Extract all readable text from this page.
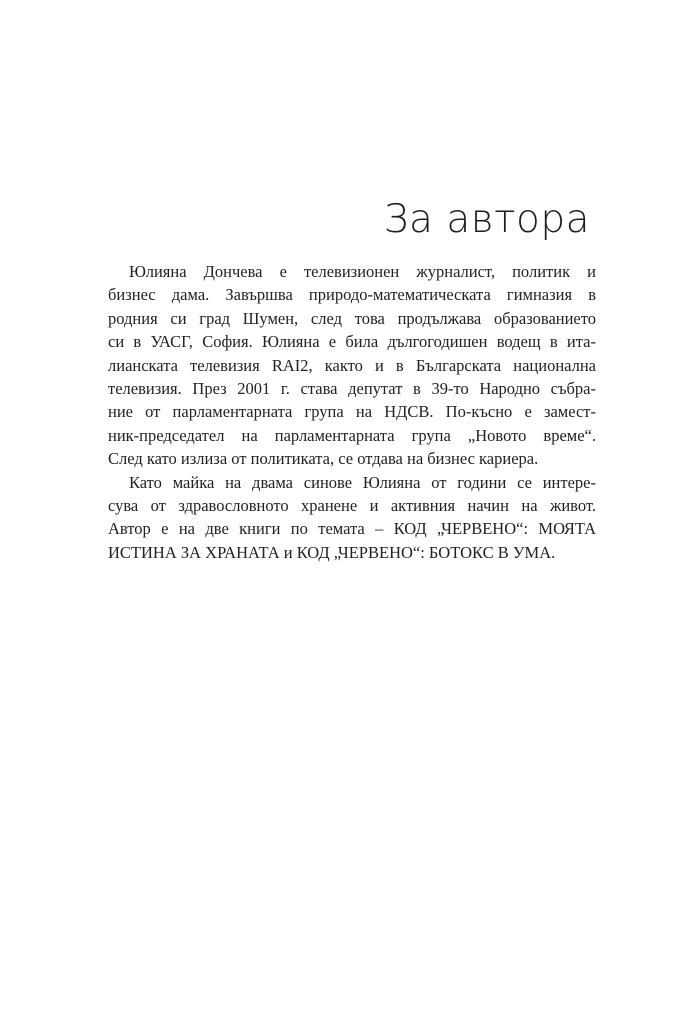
За автора

Юлияна Дончева е телевизионен журналист, политик и
бизнес дама. Завършва природо-математическата гимназия в
родния си град Шумен, след това продължава образованието
си в УАСГ, София. Юлияна е била дългогодишен водещ в ита-
лианската телевизия RAI2, както и в Българската национална
телевизия. През 2001 г. става депутат в 39-то Народно събра-
ние от парламентарната група на НДСВ. По-късно е замест-
ник-председател на парламентарната група „Новото време“.
След като излиза от политиката, се отдава на бизнес кариера.

Като майка на двама синове Юлияна от години се интере-
сува от здравословното хранене и активния начин на живот.
Автор е на две книги по темата – КОД „ЧЕРВЕНО“: МОЯТА
ИСТИНА ЗА ХРАНАТА и КОД „ЧЕРВЕНО“: БОТОКС В УМА.
